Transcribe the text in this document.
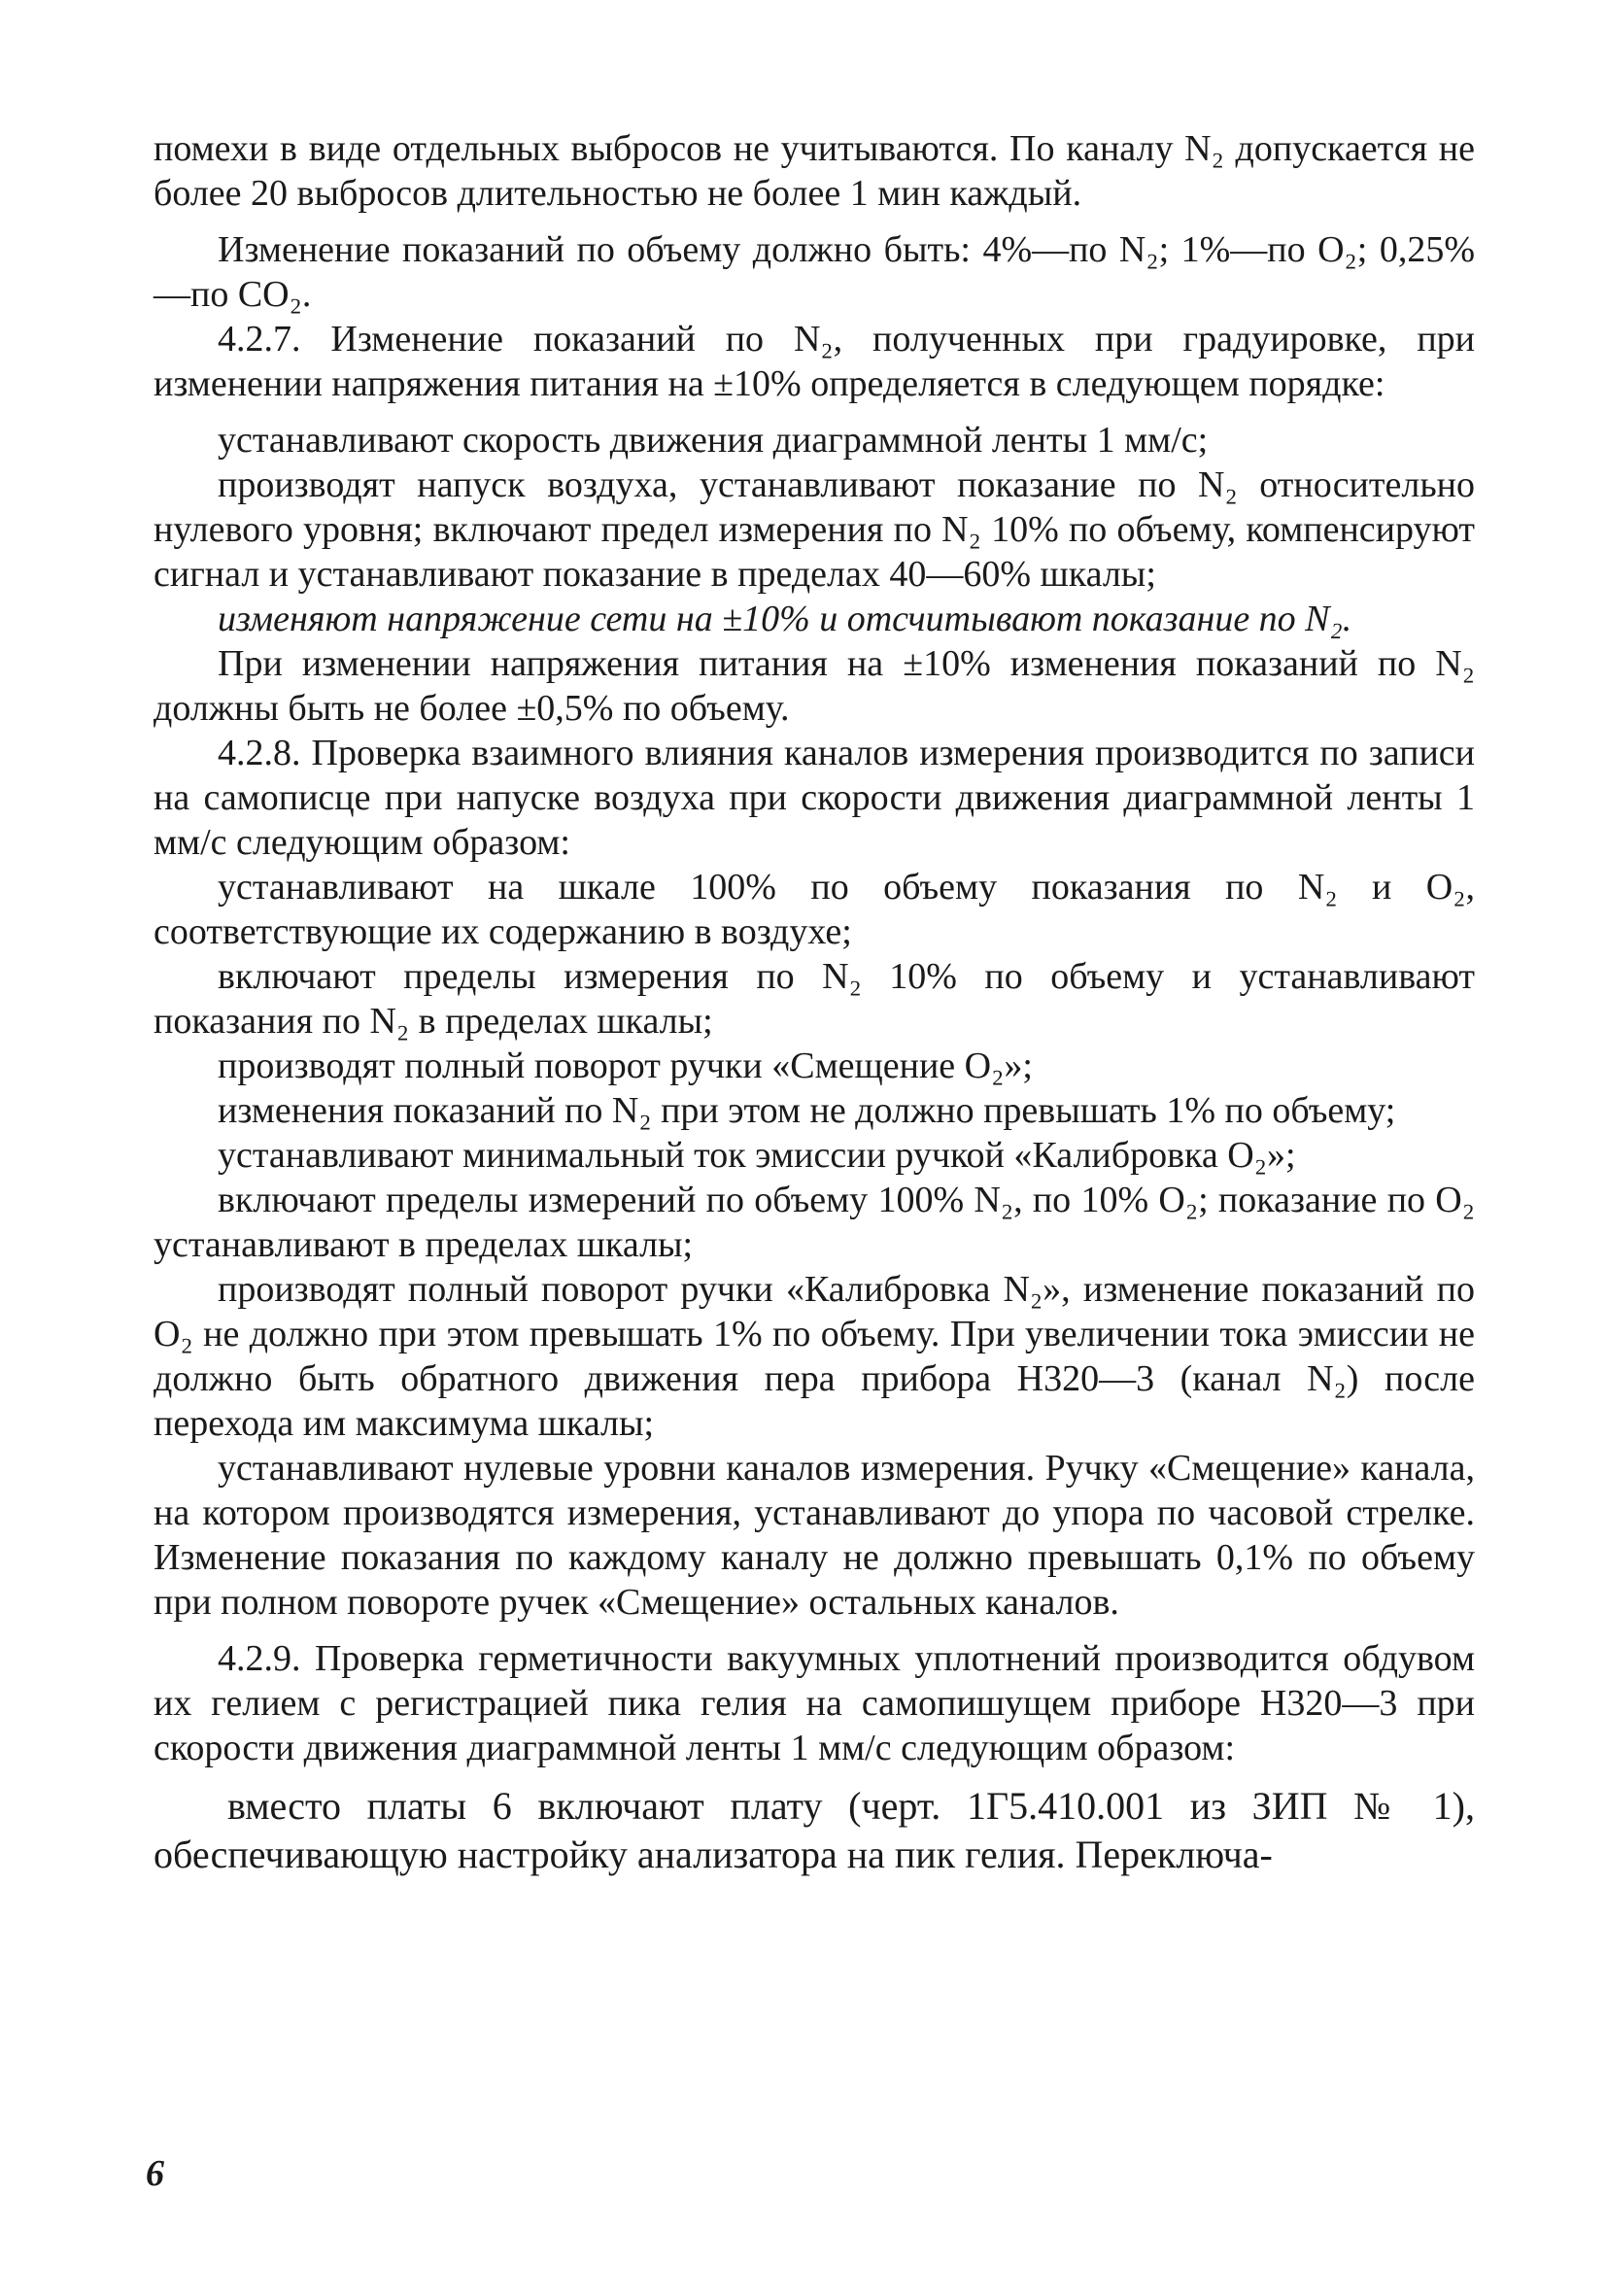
помехи в виде отдельных выбросов не учитываются. По каналу N₂ допускается не более 20 выбросов длительностью не более 1 мин каждый.

Изменение показаний по объему должно быть: 4%—по N₂; 1%—по O₂; 0,25%—по CO₂.

4.2.7. Изменение показаний по N₂, полученных при градуировке, при изменении напряжения питания на ±10% определяется в следующем порядке:

устанавливают скорость движения диаграммной ленты 1 мм/с;

производят напуск воздуха, устанавливают показание по N₂ относительно нулевого уровня; включают предел измерения по N₂ 10% по объему, компенсируют сигнал и устанавливают показание в пределах 40—60% шкалы;

изменяют напряжение сети на ±10% и отсчитывают показание по N₂.

При изменении напряжения питания на ±10% изменения показаний по N₂ должны быть не более ±0,5% по объему.

4.2.8. Проверка взаимного влияния каналов измерения производится по записи на самописце при напуске воздуха при скорости движения диаграммной ленты 1 мм/с следующим образом:

устанавливают на шкале 100% по объему показания по N₂ и O₂, соответствующие их содержанию в воздухе;

включают пределы измерения по N₂ 10% по объему и устанавливают показания по N₂ в пределах шкалы;

производят полный поворот ручки «Смещение O₂»;

изменения показаний по N₂ при этом не должно превышать 1% по объему;

устанавливают минимальный ток эмиссии ручкой «Калибровка O₂»;

включают пределы измерений по объему 100% N₂, по 10% O₂; показание по O₂ устанавливают в пределах шкалы;

производят полный поворот ручки «Калибровка N₂», изменение показаний по O₂ не должно при этом превышать 1% по объему. При увеличении тока эмиссии не должно быть обратного движения пера прибора Н320—3 (канал N₂) после перехода им максимума шкалы;

устанавливают нулевые уровни каналов измерения. Ручку «Смещение» канала, на котором производятся измерения, устанавливают до упора по часовой стрелке. Изменение показания по каждому каналу не должно превышать 0,1% по объему при полном повороте ручек «Смещение» остальных каналов.

4.2.9. Проверка герметичности вакуумных уплотнений производится обдувом их гелием с регистрацией пика гелия на самопишущем приборе Н320—3 при скорости движения диаграммной ленты 1 мм/с следующим образом:

вместо платы 6 включают плату (черт. 1Г5.410.001 из ЗИП № 1), обеспечивающую настройку анализатора на пик гелия. Переключа-

6
